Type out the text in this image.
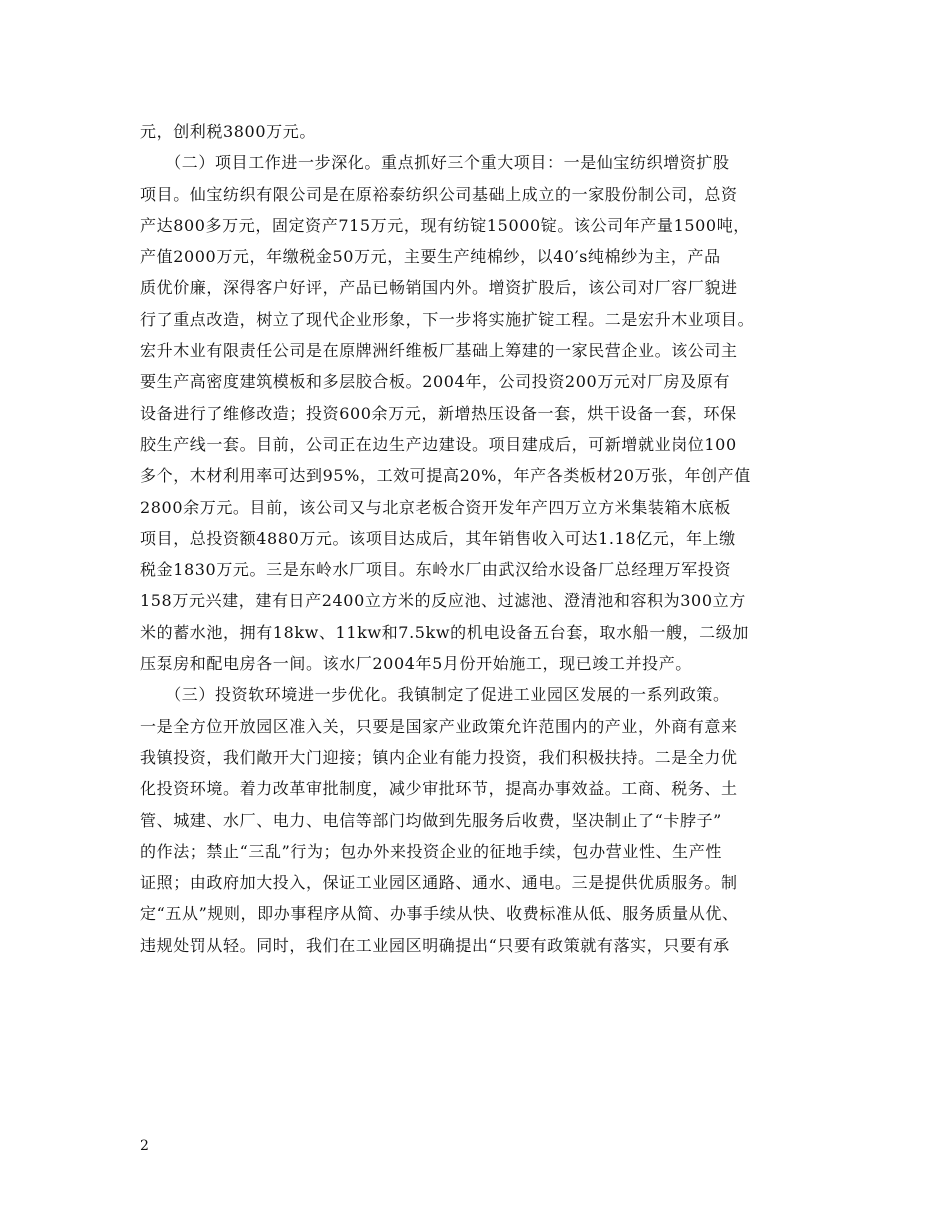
元，创利税3800万元。
　　（二）项目工作进一步深化。重点抓好三个重大项目：一是仙宝纺织增资扩股
项目。仙宝纺织有限公司是在原裕泰纺织公司基础上成立的一家股份制公司，总资
产达800多万元，固定资产715万元，现有纺锭15000锭。该公司年产量1500吨，
产值2000万元，年缴税金50万元，主要生产纯棉纱，以40′s纯棉纱为主，产品
质优价廉，深得客户好评，产品已畅销国内外。增资扩股后，该公司对厂容厂貌进
行了重点改造，树立了现代企业形象，下一步将实施扩锭工程。二是宏升木业项目。
宏升木业有限责任公司是在原牌洲纤维板厂基础上筹建的一家民营企业。该公司主
要生产高密度建筑模板和多层胶合板。2004年，公司投资200万元对厂房及原有
设备进行了维修改造；投资600余万元，新增热压设备一套，烘干设备一套，环保
胶生产线一套。目前，公司正在边生产边建设。项目建成后，可新增就业岗位100
多个，木材利用率可达到95%，工效可提高20%，年产各类板材20万张，年创产值
2800余万元。目前，该公司又与北京老板合资开发年产四万立方米集装箱木底板
项目，总投资额4880万元。该项目达成后，其年销售收入可达1.18亿元，年上缴
税金1830万元。三是东岭水厂项目。东岭水厂由武汉给水设备厂总经理万军投资
158万元兴建，建有日产2400立方米的反应池、过滤池、澄清池和容积为300立方
米的蓄水池，拥有18kw、11kw和7.5kw的机电设备五台套，取水船一艘，二级加
压泵房和配电房各一间。该水厂2004年5月份开始施工，现已竣工并投产。
　　（三）投资软环境进一步优化。我镇制定了促进工业园区发展的一系列政策。
一是全方位开放园区准入关，只要是国家产业政策允许范围内的产业，外商有意来
我镇投资，我们敞开大门迎接；镇内企业有能力投资，我们积极扶持。二是全力优
化投资环境。着力改革审批制度，减少审批环节，提高办事效益。工商、税务、土
管、城建、水厂、电力、电信等部门均做到先服务后收费，坚决制止了“卡脖子”
的作法；禁止“三乱”行为；包办外来投资企业的征地手续，包办营业性、生产性
证照；由政府加大投入，保证工业园区通路、通水、通电。三是提供优质服务。制
定“五从”规则，即办事程序从简、办事手续从快、收费标准从低、服务质量从优、
违规处罚从轻。同时，我们在工业园区明确提出“只要有政策就有落实，只要有承
2
